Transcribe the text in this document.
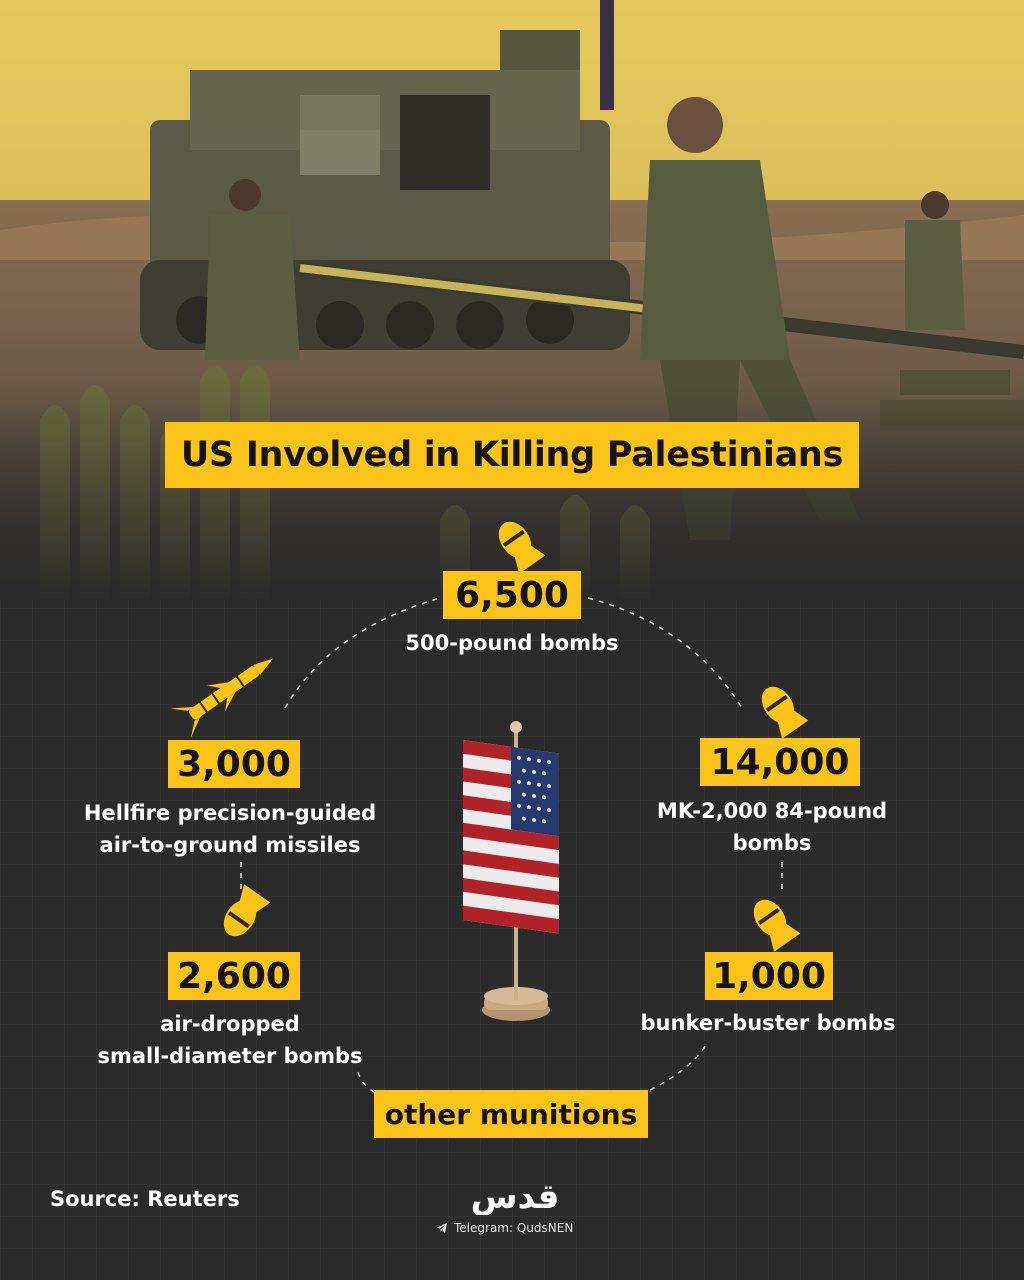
US Involved in Killing Palestinians
6,500
500-pound bombs
14,000
MK-2,000 84-pound
bombs
1,000
bunker-buster bombs
3,000
Hellfire precision-guided
air-to-ground missiles
2,600
air-dropped
small-diameter bombs
other munitions
Source: Reuters	قدس
Telegram: QudsNEN
